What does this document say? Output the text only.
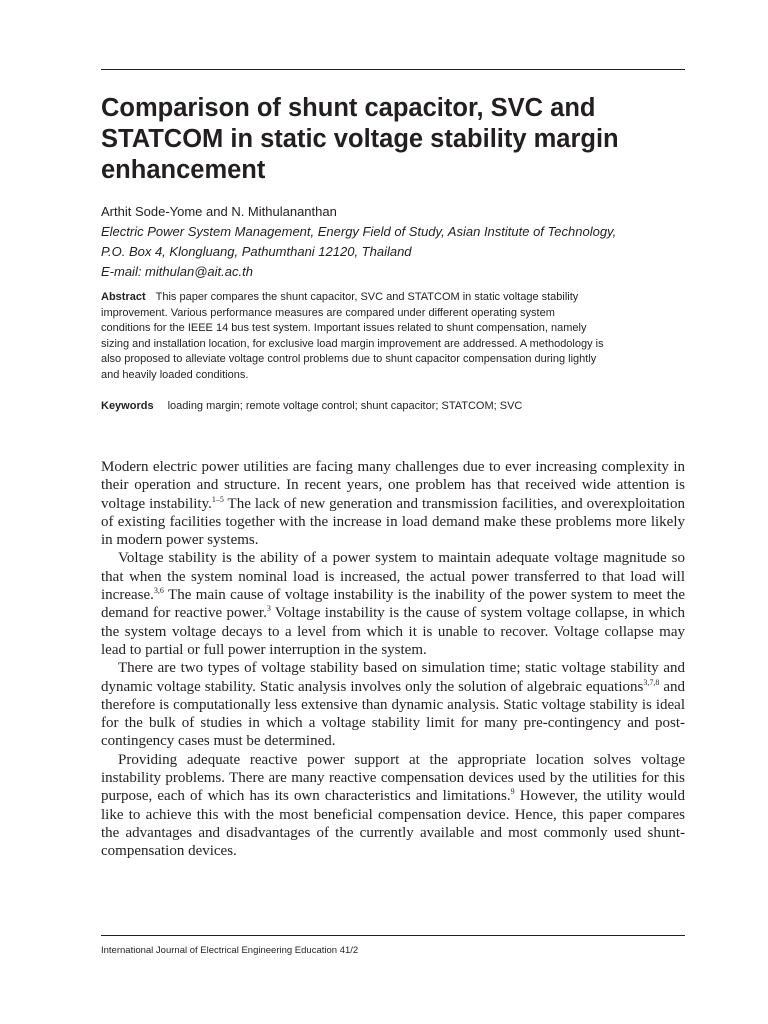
Comparison of shunt capacitor, SVC and STATCOM in static voltage stability margin enhancement
Arthit Sode-Yome and N. Mithulananthan
Electric Power System Management, Energy Field of Study, Asian Institute of Technology,
P.O. Box 4, Klongluang, Pathumthani 12120, Thailand
E-mail: mithulan@ait.ac.th
Abstract This paper compares the shunt capacitor, SVC and STATCOM in static voltage stability
improvement. Various performance measures are compared under different operating system
conditions for the IEEE 14 bus test system. Important issues related to shunt compensation, namely
sizing and installation location, for exclusive load margin improvement are addressed. A methodology is
also proposed to alleviate voltage control problems due to shunt capacitor compensation during lightly
and heavily loaded conditions.
Keywords loading margin; remote voltage control; shunt capacitor; STATCOM; SVC

Modern electric power utilities are facing many challenges due to ever increasing complexity in their operation and structure. In recent years, one problem has that received wide attention is voltage instability.$^{1-5}$ The lack of new generation and transmission facilities, and overexploitation of existing facilities together with the increase in load demand make these problems more likely in modern power systems.

Voltage stability is the ability of a power system to maintain adequate voltage magnitude so that when the system nominal load is increased, the actual power transferred to that load will increase.$^{3,6}$ The main cause of voltage instability is the inability of the power system to meet the demand for reactive power.$^3$ Voltage instability is the cause of system voltage collapse, in which the system voltage decays to a level from which it is unable to recover. Voltage collapse may lead to partial or full power interruption in the system.

There are two types of voltage stability based on simulation time; static voltage stability and dynamic voltage stability. Static analysis involves only the solution of algebraic equations$^{3,7,8}$ and therefore is computationally less extensive than dynamic analysis. Static voltage stability is ideal for the bulk of studies in which a voltage stability limit for many pre-contingency and post-contingency cases must be determined.

Providing adequate reactive power support at the appropriate location solves voltage instability problems. There are many reactive compensation devices used by the utilities for this purpose, each of which has its own characteristics and limitations.$^9$ However, the utility would like to achieve this with the most beneficial compensation device. Hence, this paper compares the advantages and disadvantages of the currently available and most commonly used shunt-compensation devices.

International Journal of Electrical Engineering Education 41/2
